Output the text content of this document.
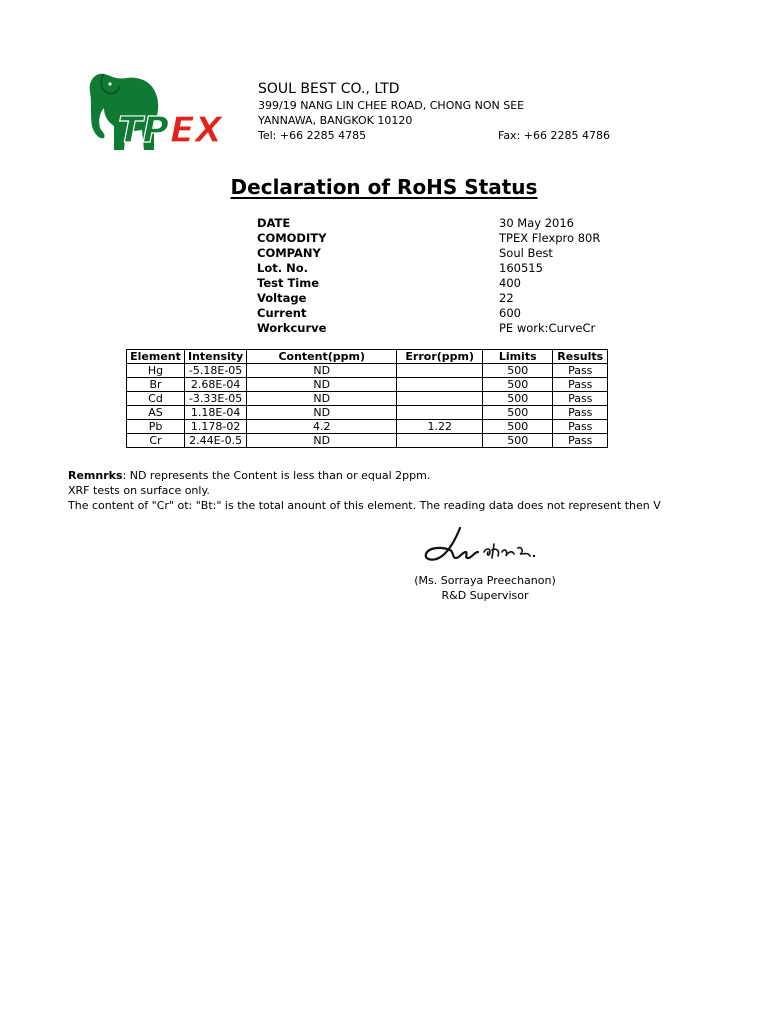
TP EX
SOUL BEST CO., LTD
399/19 NANG LIN CHEE ROAD, CHONG NON SEE
YANNAWA, BANGKOK 10120
Tel: +66 2285 4785	Fax: +66 2285 4786
Declaration of RoHS Status
DATE	30 May 2016
COMODITY	TPEX Flexpro 80R
COMPANY	Soul Best
Lot. No.	160515
Test Time	400
Voltage	22
Current	600
Workcurve	PE work:CurveCr
Element	Intensity	Content(ppm)	Error(ppm)	Limits	Results
Hg	-5.18E-05	ND		500	Pass
Br	2.68E-04	ND		500	Pass
Cd	-3.33E-05	ND		500	Pass
AS	1.18E-04	ND		500	Pass
Pb	1.178-02	4.2	1.22	500	Pass
Cr	2.44E-0.5	ND		500	Pass
Remnrks: ND represents the Content is less than or equal 2ppm.
XRF tests on surface only.
The content of "Cr" ot: "Bt:" is the total anount of this element. The reading data does not represent then V
(Ms. Sorraya Preechanon)
R&D Supervisor
